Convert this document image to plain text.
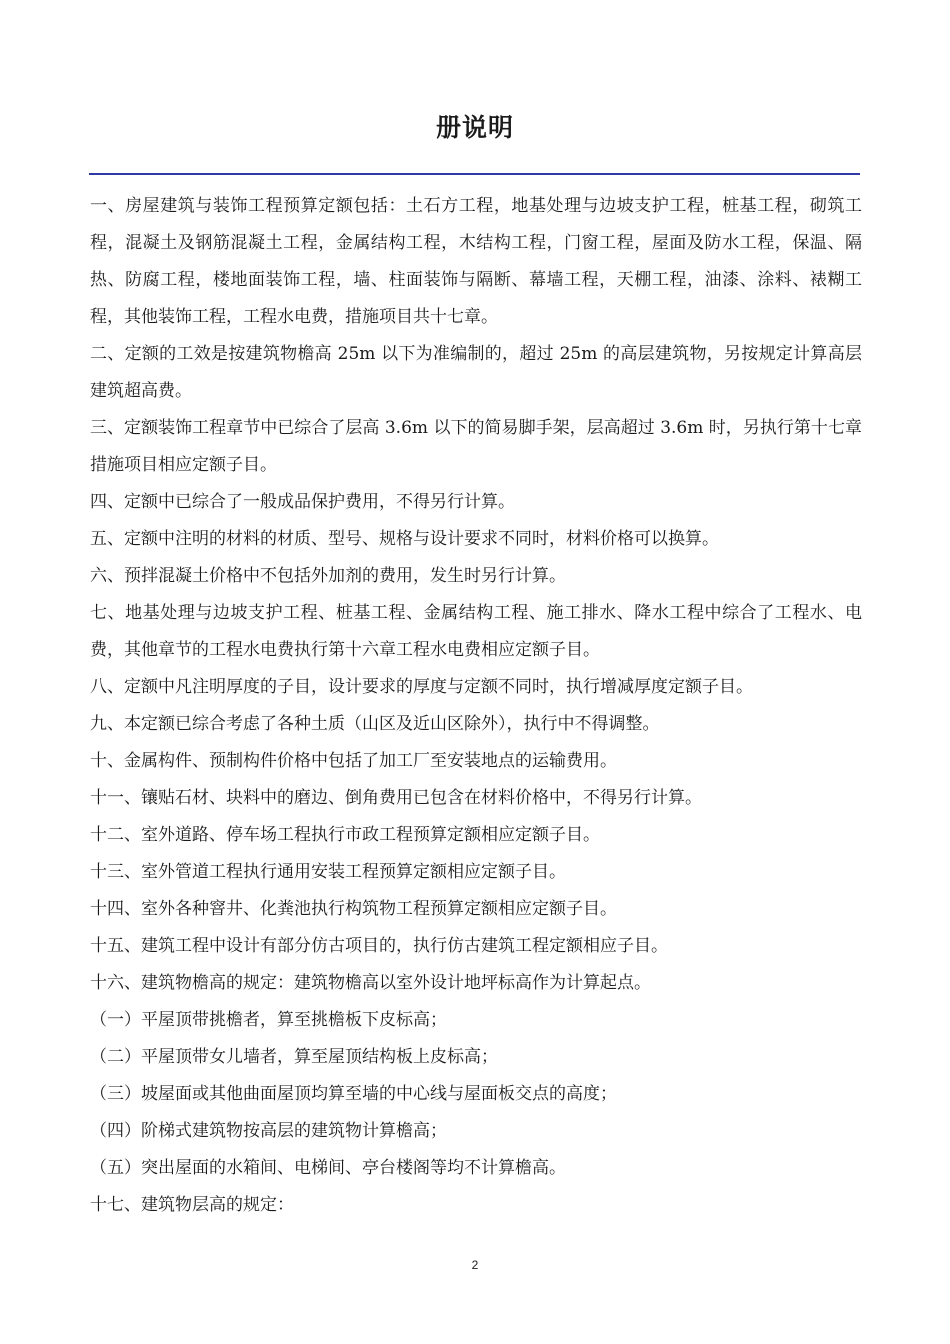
册说明

一、房屋建筑与装饰工程预算定额包括：土石方工程，地基处理与边坡支护工程，桩基工程，砌筑工程，混凝土及钢筋混凝土工程，金属结构工程，木结构工程，门窗工程，屋面及防水工程，保温、隔热、防腐工程，楼地面装饰工程，墙、柱面装饰与隔断、幕墙工程，天棚工程，油漆、涂料、裱糊工程，其他装饰工程，工程水电费，措施项目共十七章。

二、定额的工效是按建筑物檐高 25m 以下为准编制的，超过 25m 的高层建筑物，另按规定计算高层建筑超高费。

三、定额装饰工程章节中已综合了层高 3.6m 以下的简易脚手架，层高超过 3.6m 时，另执行第十七章措施项目相应定额子目。

四、定额中已综合了一般成品保护费用，不得另行计算。

五、定额中注明的材料的材质、型号、规格与设计要求不同时，材料价格可以换算。

六、预拌混凝土价格中不包括外加剂的费用，发生时另行计算。

七、地基处理与边坡支护工程、桩基工程、金属结构工程、施工排水、降水工程中综合了工程水、电费，其他章节的工程水电费执行第十六章工程水电费相应定额子目。

八、定额中凡注明厚度的子目，设计要求的厚度与定额不同时，执行增减厚度定额子目。

九、本定额已综合考虑了各种土质（山区及近山区除外），执行中不得调整。

十、金属构件、预制构件价格中包括了加工厂至安装地点的运输费用。

十一、镶贴石材、块料中的磨边、倒角费用已包含在材料价格中，不得另行计算。

十二、室外道路、停车场工程执行市政工程预算定额相应定额子目。

十三、室外管道工程执行通用安装工程预算定额相应定额子目。

十四、室外各种窨井、化粪池执行构筑物工程预算定额相应定额子目。

十五、建筑工程中设计有部分仿古项目的，执行仿古建筑工程定额相应子目。

十六、建筑物檐高的规定：建筑物檐高以室外设计地坪标高作为计算起点。

（一）平屋顶带挑檐者，算至挑檐板下皮标高；

（二）平屋顶带女儿墙者，算至屋顶结构板上皮标高；

（三）坡屋面或其他曲面屋顶均算至墙的中心线与屋面板交点的高度；

（四）阶梯式建筑物按高层的建筑物计算檐高；

（五）突出屋面的水箱间、电梯间、亭台楼阁等均不计算檐高。

十七、建筑物层高的规定：

2
